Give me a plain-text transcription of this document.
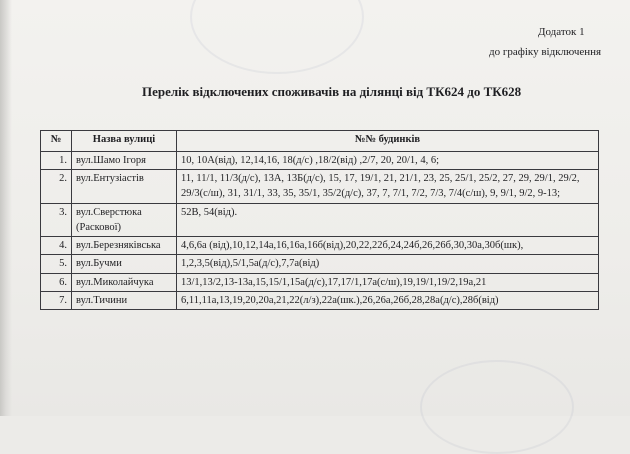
Додаток 1
до графіку відключення
Перелік відключених споживачів на ділянці від ТК624 до ТК628
№	Назва вулиці	№№ будинків
1.	вул.Шамо Ігоря	10, 10А(від), 12,14,16, 18(д/с) ,18/2(від) ,2/7, 20, 20/1, 4, 6;
2.	вул.Ентузіастів	11, 11/1, 11/3(д/с), 13А, 13Б(д/с), 15, 17, 19/1, 21, 21/1, 23, 25, 25/1, 25/2, 27, 29, 29/1, 29/2, 29/3(с/ш), 31, 31/1, 33, 35, 35/1, 35/2(д/с), 37, 7, 7/1, 7/2, 7/3, 7/4(с/ш), 9, 9/1, 9/2, 9-13;
3.	вул.Сверстюка (Раскової)	52В, 54(від).
4.	вул.Березняківська	4,6,6а (від),10,12,14а,16,16а,16б(від),20,22,22б,24,24б,26,26б,30,30а,30б(шк),
5.	вул.Бучми	1,2,3,5(від),5/1,5а(д/с),7,7а(від)
6.	вул.Миколайчука	13/1,13/2,13-13а,15,15/1,15а(д/с),17,17/1,17а(с/ш),19,19/1,19/2,19а,21
7.	вул.Тичини	6,11,11а,13,19,20,20а,21,22(л/з),22а(шк.),26,26а,26б,28,28а(д/с),28б(від)
